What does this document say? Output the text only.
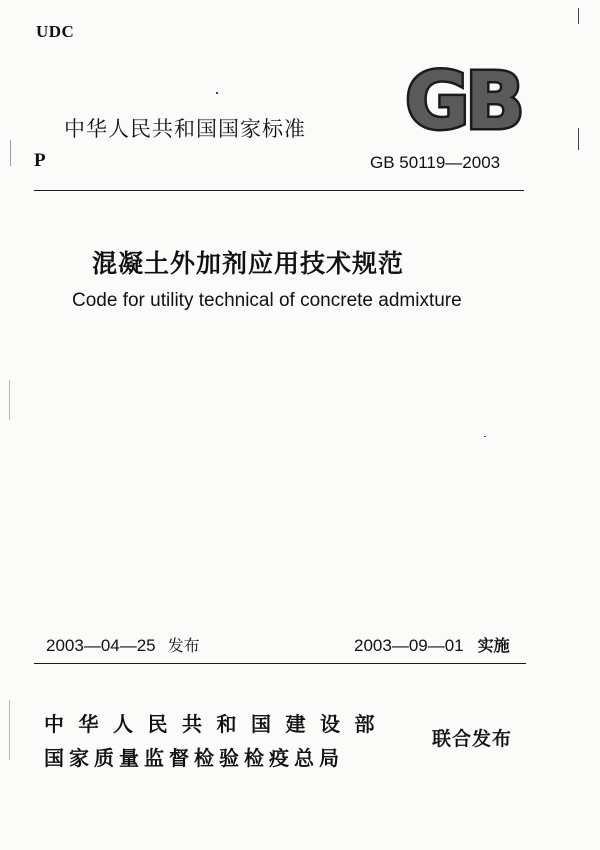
UDC
GB
中华人民共和国国家标准
P	GB 50119—2003
混凝土外加剂应用技术规范
Code for utility technical of concrete admixture
2003—04—25 发布	2003—09—01 实施
中华人民共和国建设部
国家质量监督检验检疫总局
联合发布
